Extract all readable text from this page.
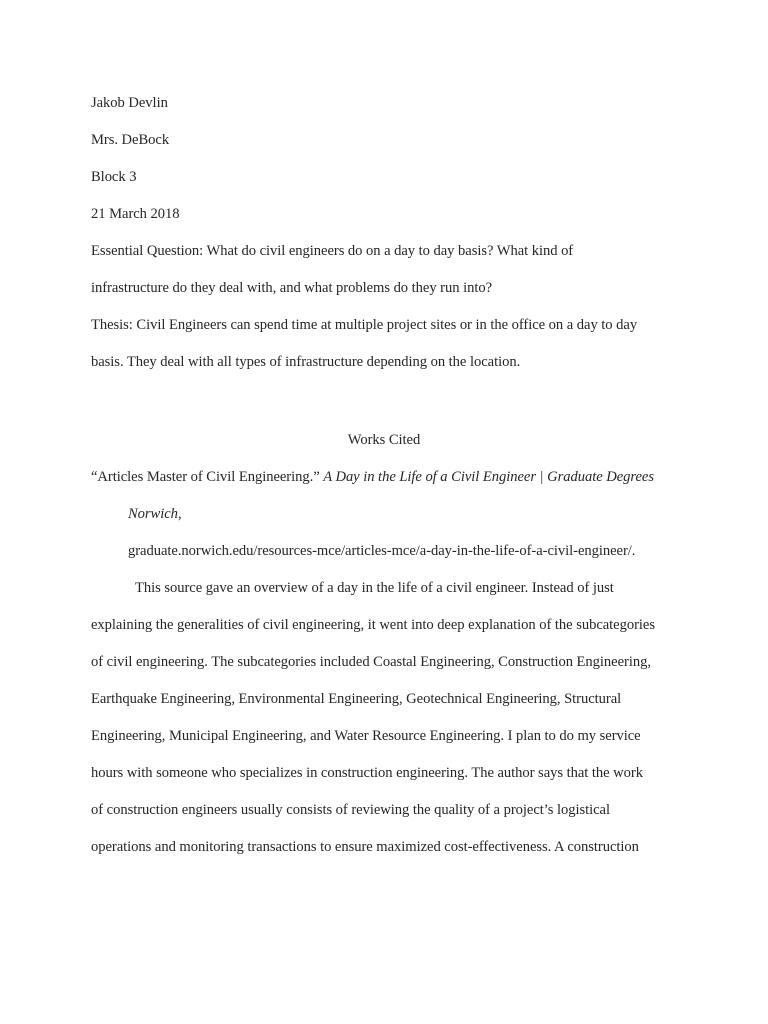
Jakob Devlin
Mrs. DeBock
Block 3
21 March 2018
Essential Question: What do civil engineers do on a day to day basis? What kind of
infrastructure do they deal with, and what problems do they run into?
Thesis: Civil Engineers can spend time at multiple project sites or in the office on a day to day
basis. They deal with all types of infrastructure depending on the location.
Works Cited
“Articles Master of Civil Engineering.” A Day in the Life of a Civil Engineer | Graduate Degrees
Norwich,
graduate.norwich.edu/resources-mce/articles-mce/a-day-in-the-life-of-a-civil-engineer/.
This source gave an overview of a day in the life of a civil engineer. Instead of just
explaining the generalities of civil engineering, it went into deep explanation of the subcategories
of civil engineering. The subcategories included Coastal Engineering, Construction Engineering,
Earthquake Engineering, Environmental Engineering, Geotechnical Engineering, Structural
Engineering, Municipal Engineering, and Water Resource Engineering. I plan to do my service
hours with someone who specializes in construction engineering. The author says that the work
of construction engineers usually consists of reviewing the quality of a project’s logistical
operations and monitoring transactions to ensure maximized cost-effectiveness. A construction
